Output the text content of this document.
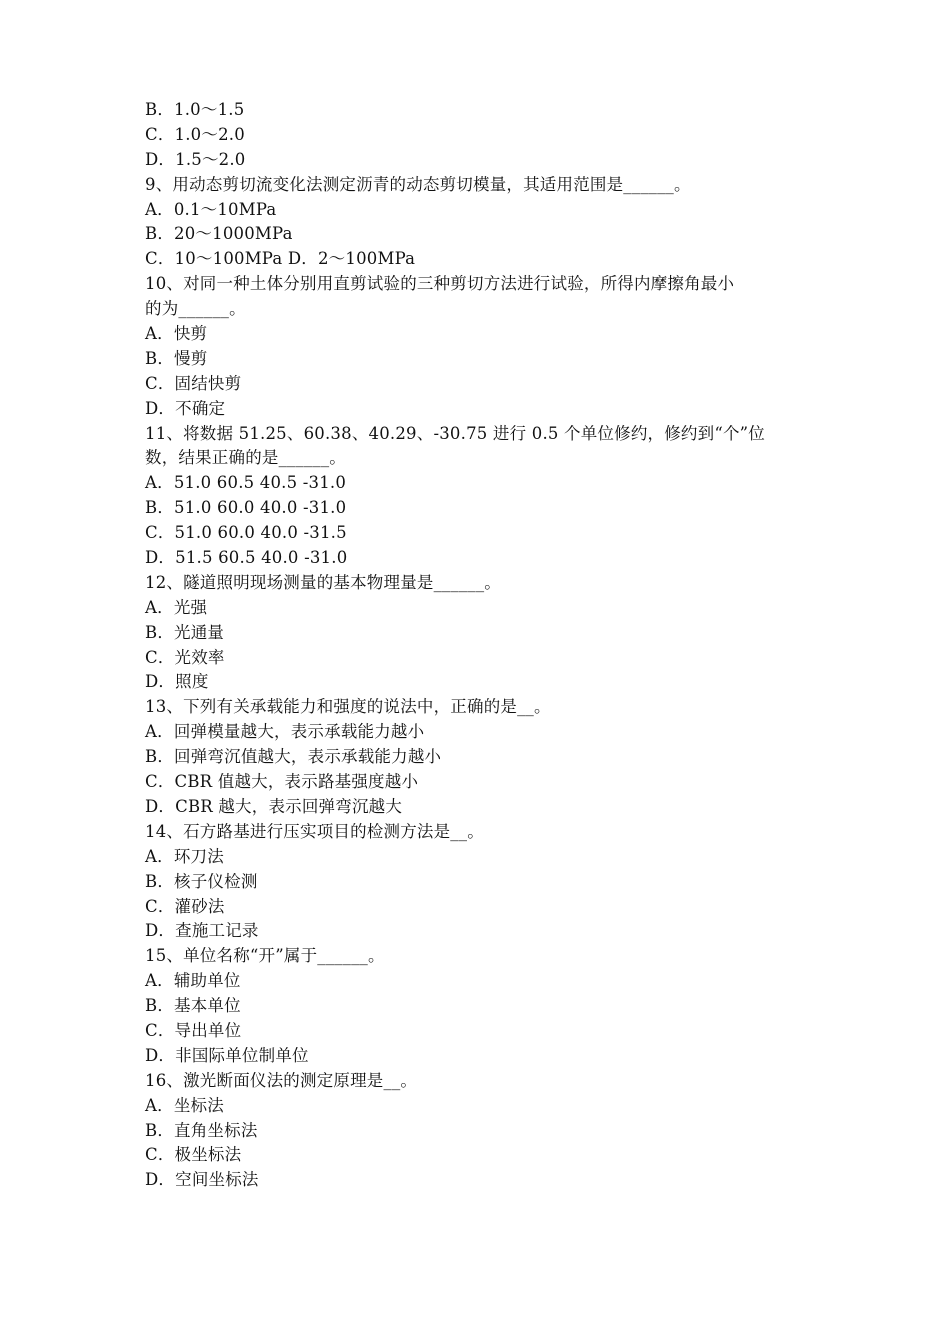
B．1.0～1.5
C．1.0～2.0
D．1.5～2.0
9、用动态剪切流变化法测定沥青的动态剪切模量，其适用范围是______。
A．0.1～10MPa
B．20～1000MPa
C．10～100MPa D．2～100MPa
10、对同一种土体分别用直剪试验的三种剪切方法进行试验，所得内摩擦角最小
的为______。
A．快剪
B．慢剪
C．固结快剪
D．不确定
11、将数据 51.25、60.38、40.29、-30.75 进行 0.5 个单位修约，修约到“个”位
数，结果正确的是______。
A．51.0 60.5 40.5 -31.0
B．51.0 60.0 40.0 -31.0
C．51.0 60.0 40.0 -31.5
D．51.5 60.5 40.0 -31.0
12、隧道照明现场测量的基本物理量是______。
A．光强
B．光通量
C．光效率
D．照度
13、下列有关承载能力和强度的说法中，正确的是__。
A．回弹模量越大，表示承载能力越小
B．回弹弯沉值越大，表示承载能力越小
C．CBR 值越大，表示路基强度越小
D．CBR 越大，表示回弹弯沉越大
14、石方路基进行压实项目的检测方法是__。
A．环刀法
B．核子仪检测
C．灌砂法
D．查施工记录
15、单位名称“开”属于______。
A．辅助单位
B．基本单位
C．导出单位
D．非国际单位制单位
16、激光断面仪法的测定原理是__。
A．坐标法
B．直角坐标法
C．极坐标法
D．空间坐标法
